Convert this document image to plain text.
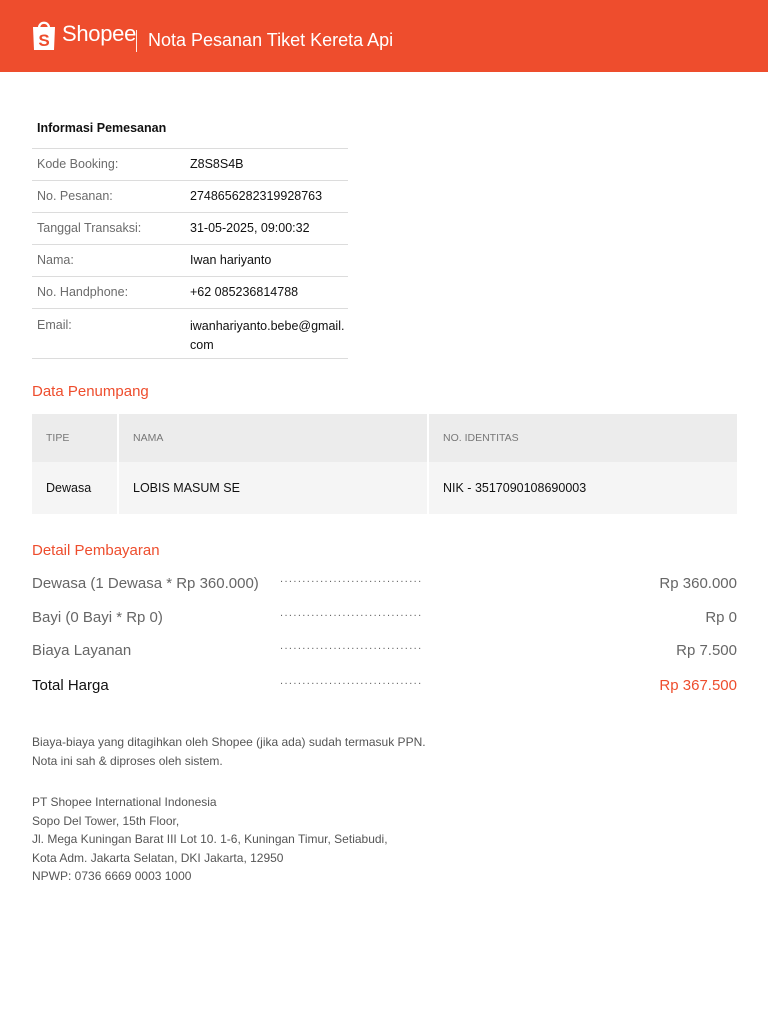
S Shopee Nota Pesanan Tiket Kereta Api
Informasi Pemesanan
Kode Booking:	Z8S8S4B
No. Pesanan:	2748656282319928763
Tanggal Transaksi:	31-05-2025, 09:00:32
Nama:	Iwan hariyanto
No. Handphone:	+62 085236814788
Email:	iwanhariyanto.bebe@gmail.
com
Data Penumpang
TIPE	NAMA	NO. IDENTITAS
Dewasa	LOBIS MASUM SE	NIK - 3517090108690003
Detail Pembayaran
Dewasa (1 Dewasa * Rp 360.000) ................................	Rp 360.000
Bayi (0 Bayi * Rp 0)	................................	Rp 0
Biaya Layanan	................................	Rp 7.500
Total Harga	................................	Rp 367.500
Biaya-biaya yang ditagihkan oleh Shopee (jika ada) sudah termasuk PPN.
Nota ini sah & diproses oleh sistem.
PT Shopee International Indonesia
Sopo Del Tower, 15th Floor,
Jl. Mega Kuningan Barat III Lot 10. 1-6, Kuningan Timur, Setiabudi,
Kota Adm. Jakarta Selatan, DKI Jakarta, 12950
NPWP: 0736 6669 0003 1000
